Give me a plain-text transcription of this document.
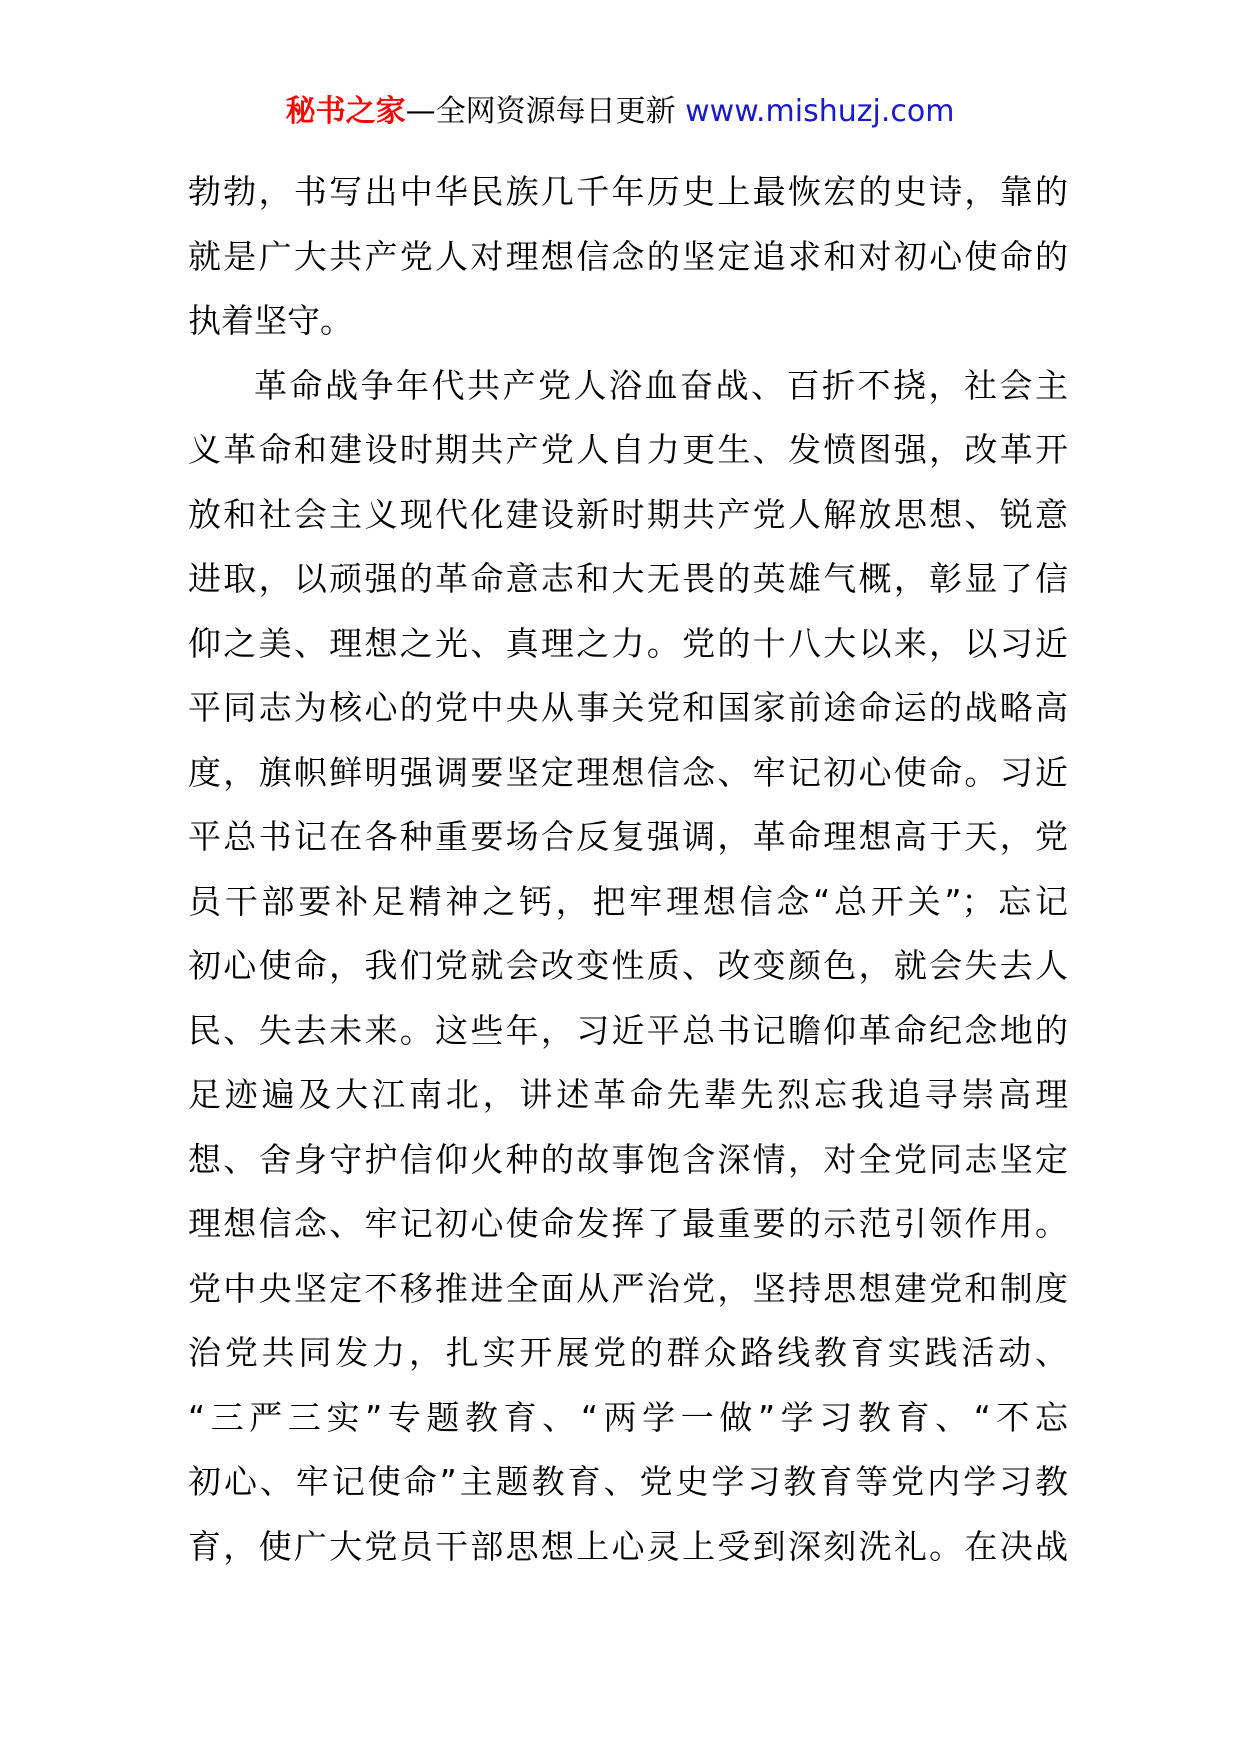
秘书之家—全网资源每日更新 www.mishuzj.com
勃勃，书写出中华民族几千年历史上最恢宏的史诗，靠的
就是广大共产党人对理想信念的坚定追求和对初心使命的
执着坚守。
革命战争年代共产党人浴血奋战、百折不挠，社会主
义革命和建设时期共产党人自力更生、发愤图强，改革开
放和社会主义现代化建设新时期共产党人解放思想、锐意
进取，以顽强的革命意志和大无畏的英雄气概，彰显了信
仰之美、理想之光、真理之力。党的十八大以来，以习近
平同志为核心的党中央从事关党和国家前途命运的战略高
度，旗帜鲜明强调要坚定理想信念、牢记初心使命。习近
平总书记在各种重要场合反复强调，革命理想高于天，党
员干部要补足精神之钙，把牢理想信念“总开关”；忘记
初心使命，我们党就会改变性质、改变颜色，就会失去人
民、失去未来。这些年，习近平总书记瞻仰革命纪念地的
足迹遍及大江南北，讲述革命先辈先烈忘我追寻崇高理
想、舍身守护信仰火种的故事饱含深情，对全党同志坚定
理想信念、牢记初心使命发挥了最重要的示范引领作用。
党中央坚定不移推进全面从严治党，坚持思想建党和制度
治党共同发力，扎实开展党的群众路线教育实践活动、
“三严三实”专题教育、“两学一做”学习教育、“不忘
初心、牢记使命”主题教育、党史学习教育等党内学习教
育，使广大党员干部思想上心灵上受到深刻洗礼。在决战
